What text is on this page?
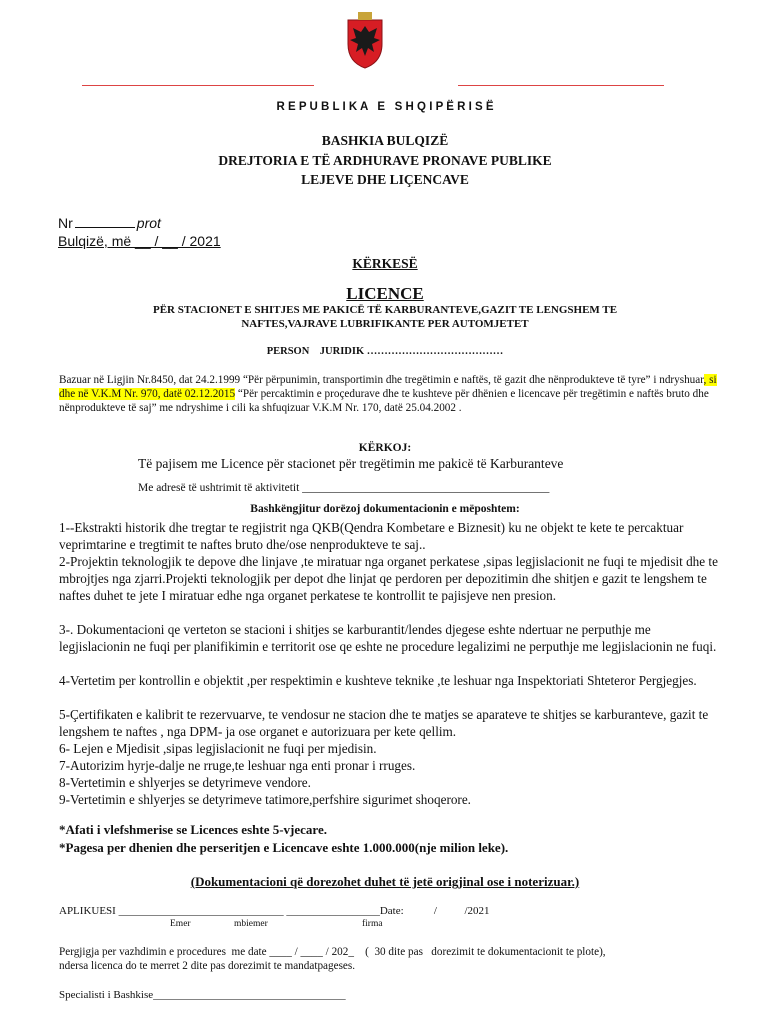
R E P U B L I K A   E   S H Q I P Ë R I S Ë
BASHKIA BULQIZË
DREJTORIA E TË ARDHURAVE PRONAVE PUBLIKE
LEJEVE DHE LIÇENCAVE
Nr	prot
Bulqizë, më __ / __ / 2021
KËRKESË
LICENCE
PËR STACIONET E SHITJES ME PAKICË TË KARBURANTEVE,GAZIT TE LENGSHEM TE
NAFTES,VAJRAVE LUBRIFIKANTE PER AUTOMJETET
PERSON    JURIDIK …………………………………
Bazuar në Ligjin Nr.8450, dat 24.2.1999 “Për përpunimin, transportimin dhe tregëtimin e naftës, të gazit dhe nënprodukteve të tyre” i ndryshuar, si dhe në V.K.M Nr. 970, datë 02.12.2015 “Për percaktimin e proçedurave dhe te kushteve për dhënien e licencave për tregëtimin e naftës bruto dhe nënprodukteve të saj” me ndryshime i cili ka shfuqizuar V.K.M Nr. 170, datë 25.04.2002 .
KËRKOJ:
Të pajisem me Licence për stacionet për tregëtimin me pakicë të Karburanteve
Me adresë të ushtrimit të aktivitetit ___________________________________________
Bashkëngjitur dorëzoj dokumentacionin e mëposhtem:
1--Ekstrakti historik dhe tregtar te regjistrit nga QKB(Qendra Kombetare e Biznesit) ku ne objekt te kete te percaktuar veprimtarine e tregtimit te naftes bruto dhe/ose nenprodukteve te saj..
2-Projektin teknologjik te depove dhe linjave ,te miratuar nga organet perkatese ,sipas legjislacionit ne fuqi te mjedisit dhe te mbrojtjes nga zjarri.Projekti teknologjik per depot dhe linjat qe perdoren per depozitimin dhe shitjen e gazit te lengshem te naftes duhet te jete I miratuar edhe nga organet perkatese te kontrollit te pajisjeve nen presion.
3-. Dokumentacioni qe verteton se stacioni i shitjes se karburantit/lendes djegese eshte ndertuar ne perputhje me legjislacionin ne fuqi per planifikimin e territorit ose qe eshte ne procedure legalizimi ne perputhje me legjislacionin ne fuqi.
4-Vertetim per kontrollin e objektit ,per respektimin e kushteve teknike ,te leshuar nga Inspektoriati Shteteror Pergjegjes.
5-Çertifikaten e kalibrit te rezervuarve, te vendosur ne stacion dhe te matjes se aparateve te shitjes se karburanteve, gazit te lengshem te naftes , nga DPM- ja ose organet e autorizuara per kete qellim.
6- Lejen e Mjedisit ,sipas legjislacionit ne fuqi per mjedisin.
7-Autorizim hyrje-dalje ne rruge,te leshuar nga enti pronar i rruges.
8-Vertetimin e shlyerjes se detyrimeve vendore.
9-Vertetimin e shlyerjes se detyrimeve tatimore,perfshire sigurimet shoqerore.
*Afati i vlefshmerise se Licences eshte 5-vjecare.
*Pagesa per dhenien dhe perseritjen e Licencave eshte 1.000.000(nje milion leke).
(Dokumentacioni që dorezohet duhet të jetë origjinal ose i noterizuar.)
APLIKUESI ______________________________ _________________Date:           /          /2021
Emer	mbiemer	firma
Pergjigja per vazhdimin e procedures  me date ____ / ____ / 202_    (  30 dite pas   dorezimit te dokumentacionit te plote),
ndersa licenca do te merret 2 dite pas dorezimit te mandatpageses.
Specialisti i Bashkise___________________________________
